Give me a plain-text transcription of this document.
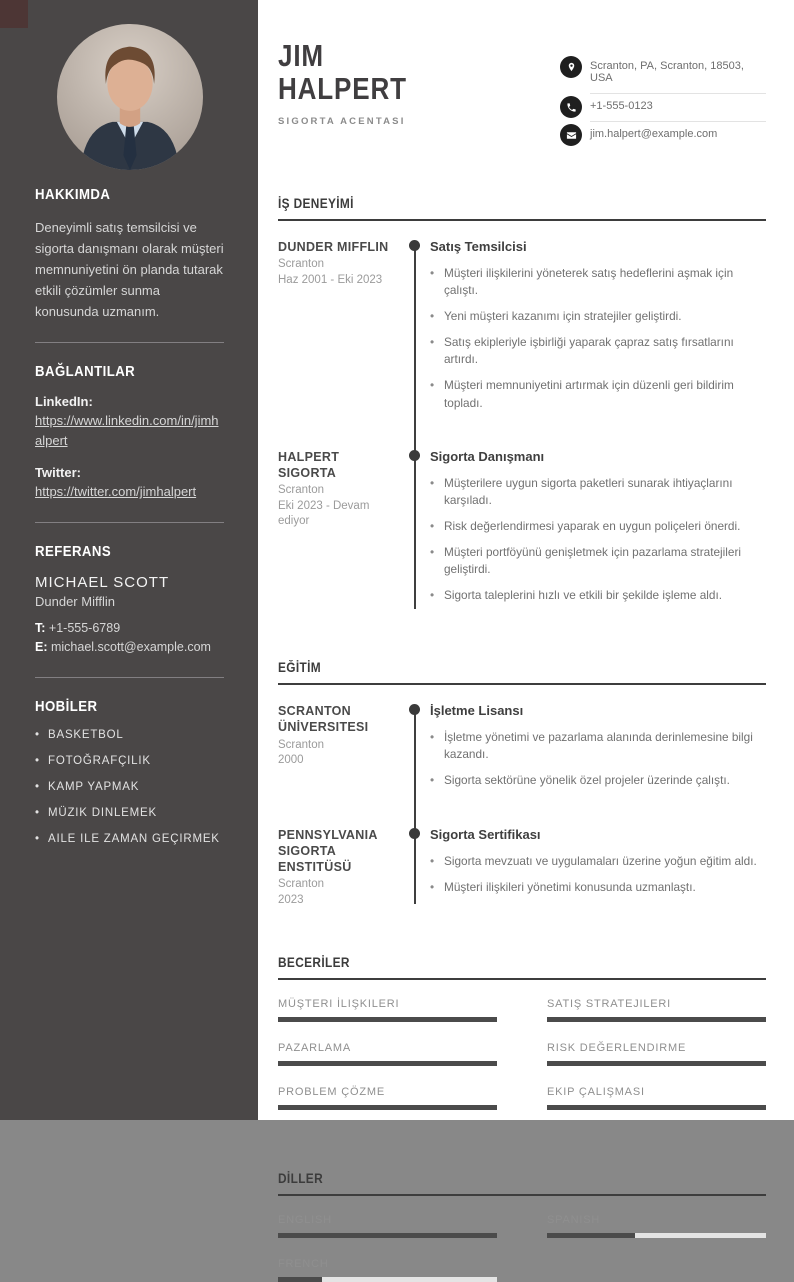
HAKKIMDA

Deneyimli satış temsilcisi ve sigorta danışmanı olarak müşteri memnuniyetini ön planda tutarak etkili çözümler sunma konusunda uzmanım.

BAĞLANTILAR
LinkedIn:
https://www.linkedin.com/in/jimhalpert
Twitter:
https://twitter.com/jimhalpert
REFERANS
MICHAEL SCOTT
Dunder Mifflin
T: +1-555-6789
E: michael.scott@example.com
HOBİLER
• BASKETBOL
• FOTOĞRAFÇILIK
• KAMP YAPMAK
• MÜZIK DINLEMEK
• AILE ILE ZAMAN GEÇIRMEK
JIM
HALPERT
SIGORTA ACENTASI
Scranton, PA, Scranton, 18503, USA
+1-555-0123
jim.halpert@example.com
İŞ DENEYİMİ
DUNDER MIFFLIN
Scranton
Haz 2001 - Eki 2023
Satış Temsilcisi
• Müşteri ilişkilerini yöneterek satış hedeflerini aşmak için çalıştı.
• Yeni müşteri kazanımı için stratejiler geliştirdi.
• Satış ekipleriyle işbirliği yaparak çapraz satış fırsatlarını artırdı.
• Müşteri memnuniyetini artırmak için düzenli geri bildirim topladı.
HALPERT SIGORTA
Scranton
Eki 2023 - Devam ediyor
Sigorta Danışmanı
• Müşterilere uygun sigorta paketleri sunarak ihtiyaçlarını karşıladı.
• Risk değerlendirmesi yaparak en uygun poliçeleri önerdi.
• Müşteri portföyünü genişletmek için pazarlama stratejileri geliştirdi.
• Sigorta taleplerini hızlı ve etkili bir şekilde işleme aldı.
EĞİTİM
SCRANTON ÜNİVERSITESI
Scranton
2000
İşletme Lisansı
• İşletme yönetimi ve pazarlama alanında derinlemesine bilgi kazandı.
• Sigorta sektörüne yönelik özel projeler üzerinde çalıştı.
PENNSYLVANIA SIGORTA ENSTITÜSÜ
Scranton
2023
Sigorta Sertifikası
• Sigorta mevzuatı ve uygulamaları üzerine yoğun eğitim aldı.
• Müşteri ilişkileri yönetimi konusunda uzmanlaştı.
BECERİLER
MÜŞTERI İLIŞKILERI	SATIŞ STRATEJILERI
PAZARLAMA	RISK DEĞERLENDIRME
PROBLEM ÇÖZME	EKIP ÇALIŞMASI
DİLLER
ENGLISH	SPANISH
FRENCH
